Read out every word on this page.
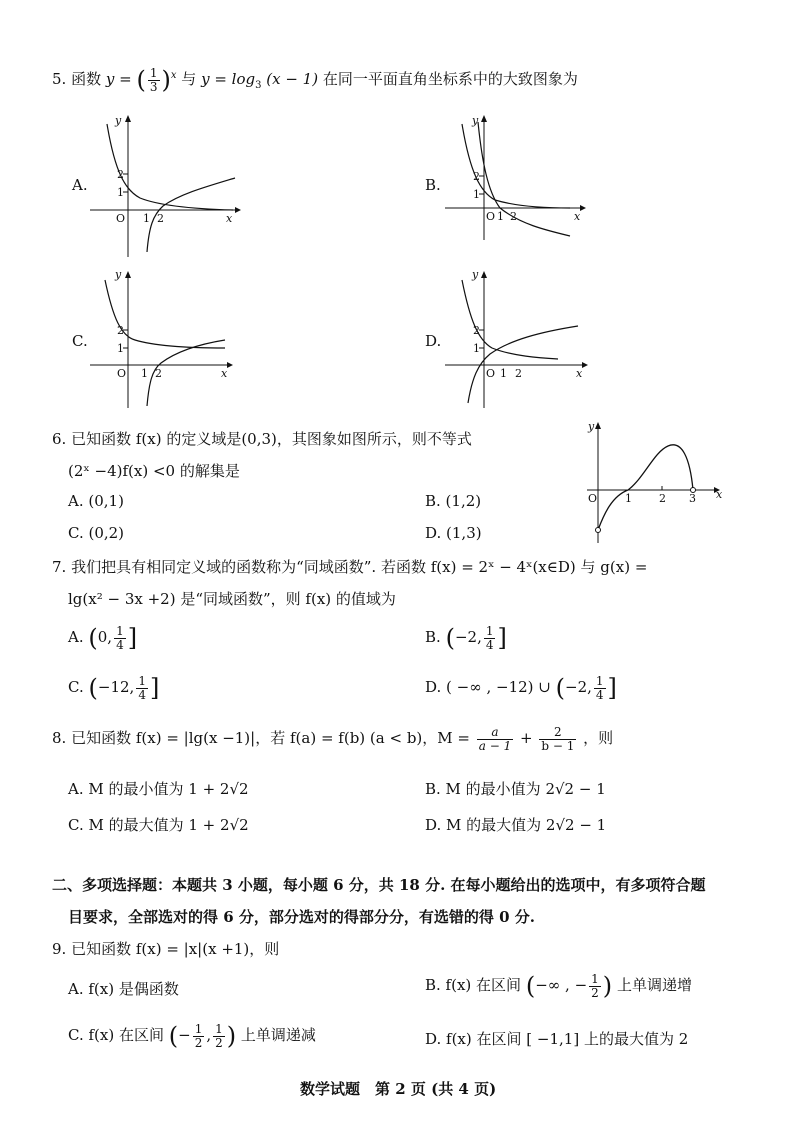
5. 函数 y = ( $\frac{1}{3} )^x$ 与 $y = \log_3 (x - 1)$ 在同一平面直角坐标系中的大致图象为
A.	B.
C.	D.
y
x
O
1
2
1 2
y
x
O
1
2
1 2
y
x
O
1
2
1 2
y
x
O
1
2
1 2
6. 已知函数 f(x) 的定义域是(0,3)，其图象如图所示，则不等式
(2ˣ −4)f(x) <0 的解集是
A. (0,1)	B. (1,2)
C. (0,2)	D. (1,3)
y
x
O	1 2 3
7. 我们把具有相同定义域的函数称为“同域函数”. 若函数 f(x) = 2ˣ − 4ˣ(x∈D) 与 g(x) =
lg(x² − 3x +2) 是“同域函数”，则 f(x) 的值域为
A. (0, $\frac{1}{4}$ ]	B. (−2, $\frac{1}{4}$ ]
C. (−12, $\frac{1}{4}$ ]	D. ( −∞ , −12) ∪ (−2, $\frac{1}{4}$ ]
8. 已知函数 f(x) = |lg(x −1)|，若 f(a) = f(b) (a < b)，$M = \frac{a}{a - 1} + \frac{2}{b - 1}$ ，则
A. M 的最小值为 1 + 2√2	B. M 的最小值为 2√2 − 1
C. M 的最大值为 1 + 2√2	D. M 的最大值为 2√2 − 1
二、多项选择题：本题共 3 小题，每小题 6 分，共 18 分. 在每小题给出的选项中，有多项符合题
目要求，全部选对的得 6 分，部分选对的得部分分，有选错的得 0 分.
9. 已知函数 f(x) = |x|(x +1)，则
A. f(x) 是偶函数	B. f(x) 在区间 (−∞ , − $\frac{1}{2}$ ) 上单调递增
C. f(x) 在区间 (− $\frac{1}{2}$ , $\frac{1}{2}$ ) 上单调递减	D. f(x) 在区间 [ −1,1] 上的最大值为 2
数学试题　第 2 页 (共 4 页)
